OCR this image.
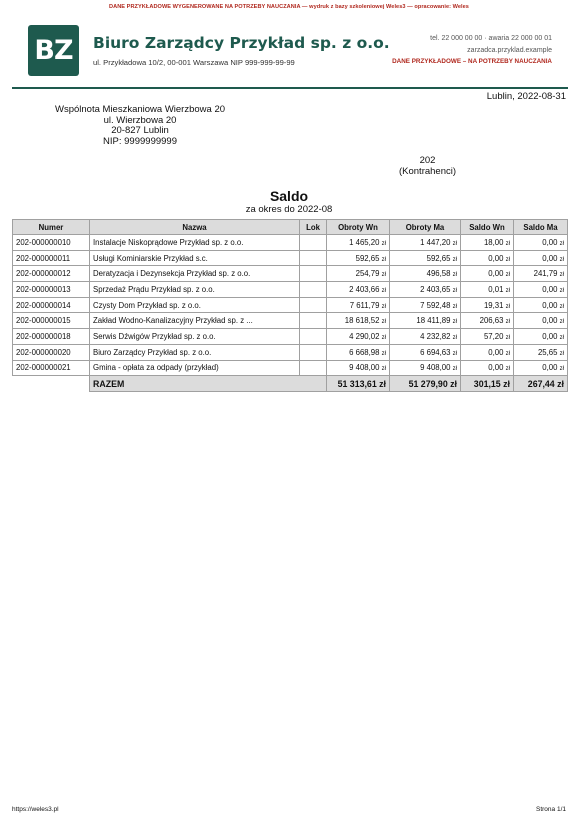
DANE PRZYKŁADOWE WYGENEROWANE NA POTRZEBY NAUCZANIA — wydruk z bazy szkoleniowej Weles3 — opracowanie: Weles
BZ	Biuro Zarządcy Przykład sp. z o.o.
ul. Przykładowa 10/2, 00-001 Warszawa NIP 999-999-99-99
tel. 22 000 00 00 · awaria 22 000 00 01
zarzadca.przyklad.example
DANE PRZYKŁADOWE – NA POTRZEBY NAUCZANIA
Lublin, 2022-08-31
Wspólnota Mieszkaniowa Wierzbowa 20
ul. Wierzbowa 20
20-827 Lublin
NIP: 9999999999
202
(Kontrahenci)
Saldo
za okres do 2022-08
Numer	Nazwa	Lok	Obroty Wn	Obroty Ma	Saldo Wn	Saldo Ma
202-000000010	Instalacje Niskoprądowe Przykład sp. z o.o.		1 465,20 zł	1 447,20 zł	18,00 zł	0,00 zł
202-000000011	Usługi Kominiarskie Przykład s.c.		592,65 zł	592,65 zł	0,00 zł	0,00 zł
202-000000012	Deratyzacja i Dezynsekcja Przykład sp. z o.o.		254,79 zł	496,58 zł	0,00 zł	241,79 zł
202-000000013	Sprzedaż Prądu Przykład sp. z o.o.		2 403,66 zł	2 403,65 zł	0,01 zł	0,00 zł
202-000000014	Czysty Dom Przykład sp. z o.o.		7 611,79 zł	7 592,48 zł	19,31 zł	0,00 zł
202-000000015	Zakład Wodno-Kanalizacyjny Przykład sp. z ...		18 618,52 zł	18 411,89 zł	206,63 zł	0,00 zł
202-000000018	Serwis Dźwigów Przykład sp. z o.o.		4 290,02 zł	4 232,82 zł	57,20 zł	0,00 zł
202-000000020	Biuro Zarządcy Przykład sp. z o.o.		6 668,98 zł	6 694,63 zł	0,00 zł	25,65 zł
202-000000021	Gmina - opłata za odpady (przykład)		9 408,00 zł	9 408,00 zł	0,00 zł	0,00 zł
	RAZEM		51 313,61 zł	51 279,90 zł	301,15 zł	267,44 zł
https://weles3.pl	Strona 1/1
